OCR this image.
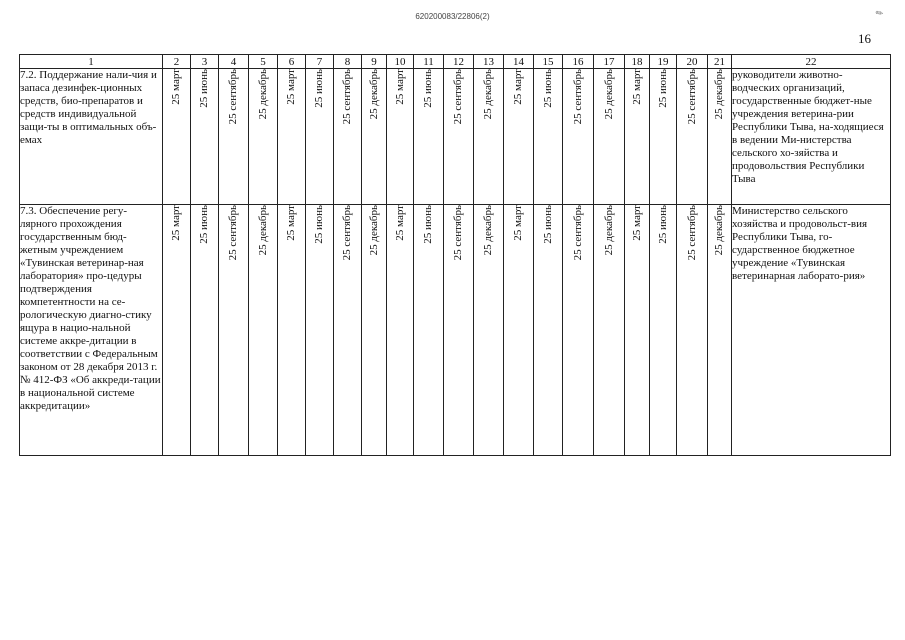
620200083/22806(2)
16
✎
1	2	3	4	5	6	7	8	9	10	11	12	13	14	15	16	17	18	19	20	21	22
7.2. Поддержание нали-чия и запаса дезинфек-ционных средств, био-препаратов и средств индивидуальной защи-ты в оптимальных объ-емах	25 март	25 июнь	25 сентябрь	25 декабрь	25 март	25 июнь	25 сентябрь	25 декабрь	25 март	25 июнь	25 сентябрь	25 декабрь	25 март	25 июнь	25 сентябрь	25 декабрь	25 март	25 июнь	25 сентябрь	25 декабрь	руководители животно-водческих организаций, государственные бюджет-ные учреждения ветерина-рии Республики Тыва, на-ходящиеся в ведении Ми-нистерства сельского хо-зяйства и продовольствия Республики Тыва
7.3. Обеспечение регу-лярного прохождения государственным бюд-жетным учреждением «Тувинская ветеринар-ная лаборатория» про-цедуры подтверждения компетентности на се-рологическую диагно-стику ящура в нацио-нальной системе аккре-дитации в соответствии с Федеральным законом от 28 декабря 2013 г. № 412-ФЗ «Об аккреди-тации в национальной системе аккредитации»	25 март	25 июнь	25 сентябрь	25 декабрь	25 март	25 июнь	25 сентябрь	25 декабрь	25 март	25 июнь	25 сентябрь	25 декабрь	25 март	25 июнь	25 сентябрь	25 декабрь	25 март	25 июнь	25 сентябрь	25 декабрь	Министерство сельского хозяйства и продовольст-вия Республики Тыва, го-сударственное бюджетное учреждение «Тувинская ветеринарная лаборато-рия»
